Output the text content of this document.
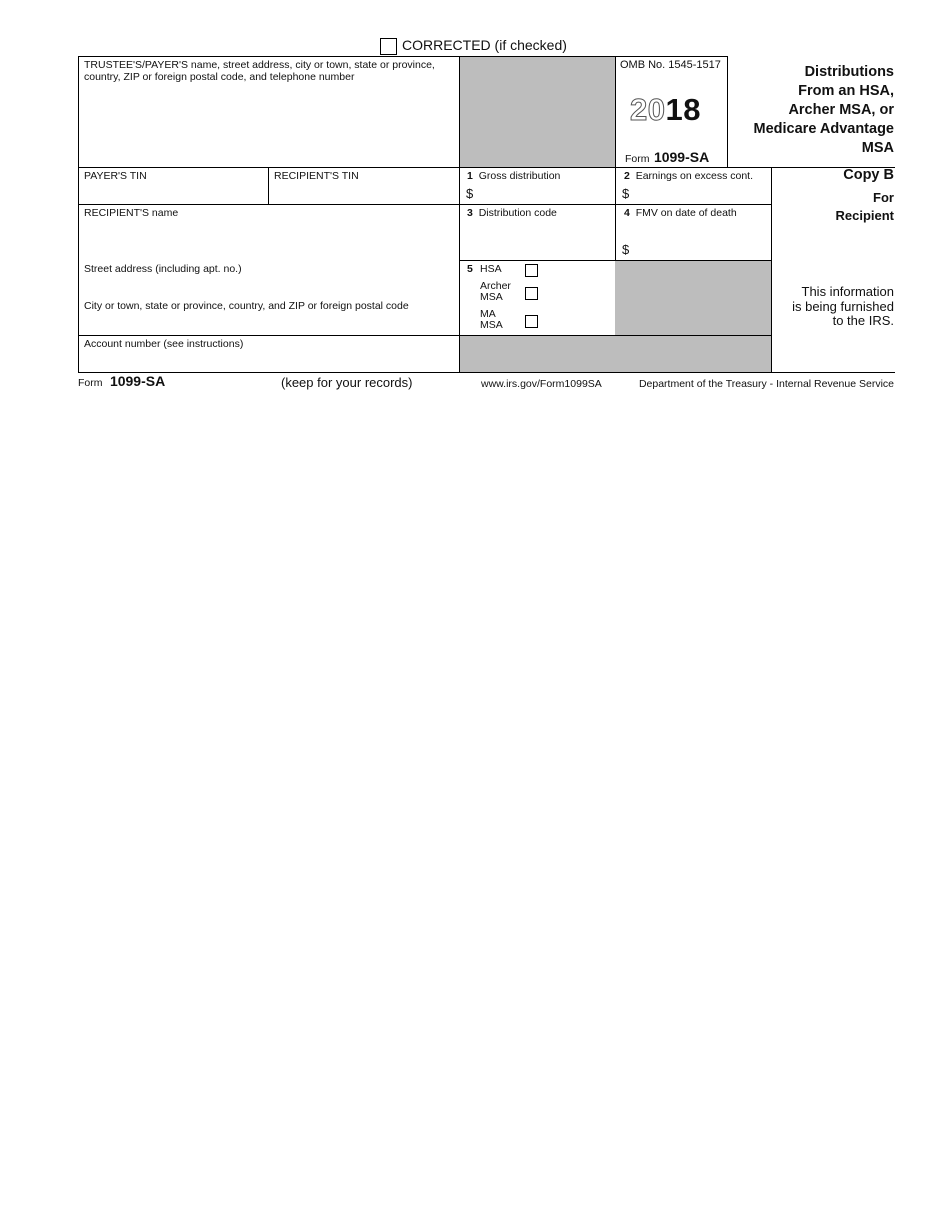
CORRECTED (if checked)
TRUSTEE'S/PAYER'S name, street address, city or town, state or province, country, ZIP or foreign postal code, and telephone number
OMB No. 1545-1517
2018
Form 1099-SA
Distributions
From an HSA,
Archer MSA, or
Medicare Advantage
MSA
PAYER'S TIN	RECIPIENT'S TIN	1 Gross distribution
$
2 Earnings on excess cont.
$
Copy B
For
Recipient
RECIPIENT'S name	3 Distribution code	4 FMV on date of death
$
Street address (including apt. no.)
City or town, state or province, country, and ZIP or foreign postal code
5 HSA
Archer
MSA
MA
MSA
This information
is being furnished
to the IRS.
Account number (see instructions)
Form 1099-SA	(keep for your records)	www.irs.gov/Form1099SA	Department of the Treasury - Internal Revenue Service
